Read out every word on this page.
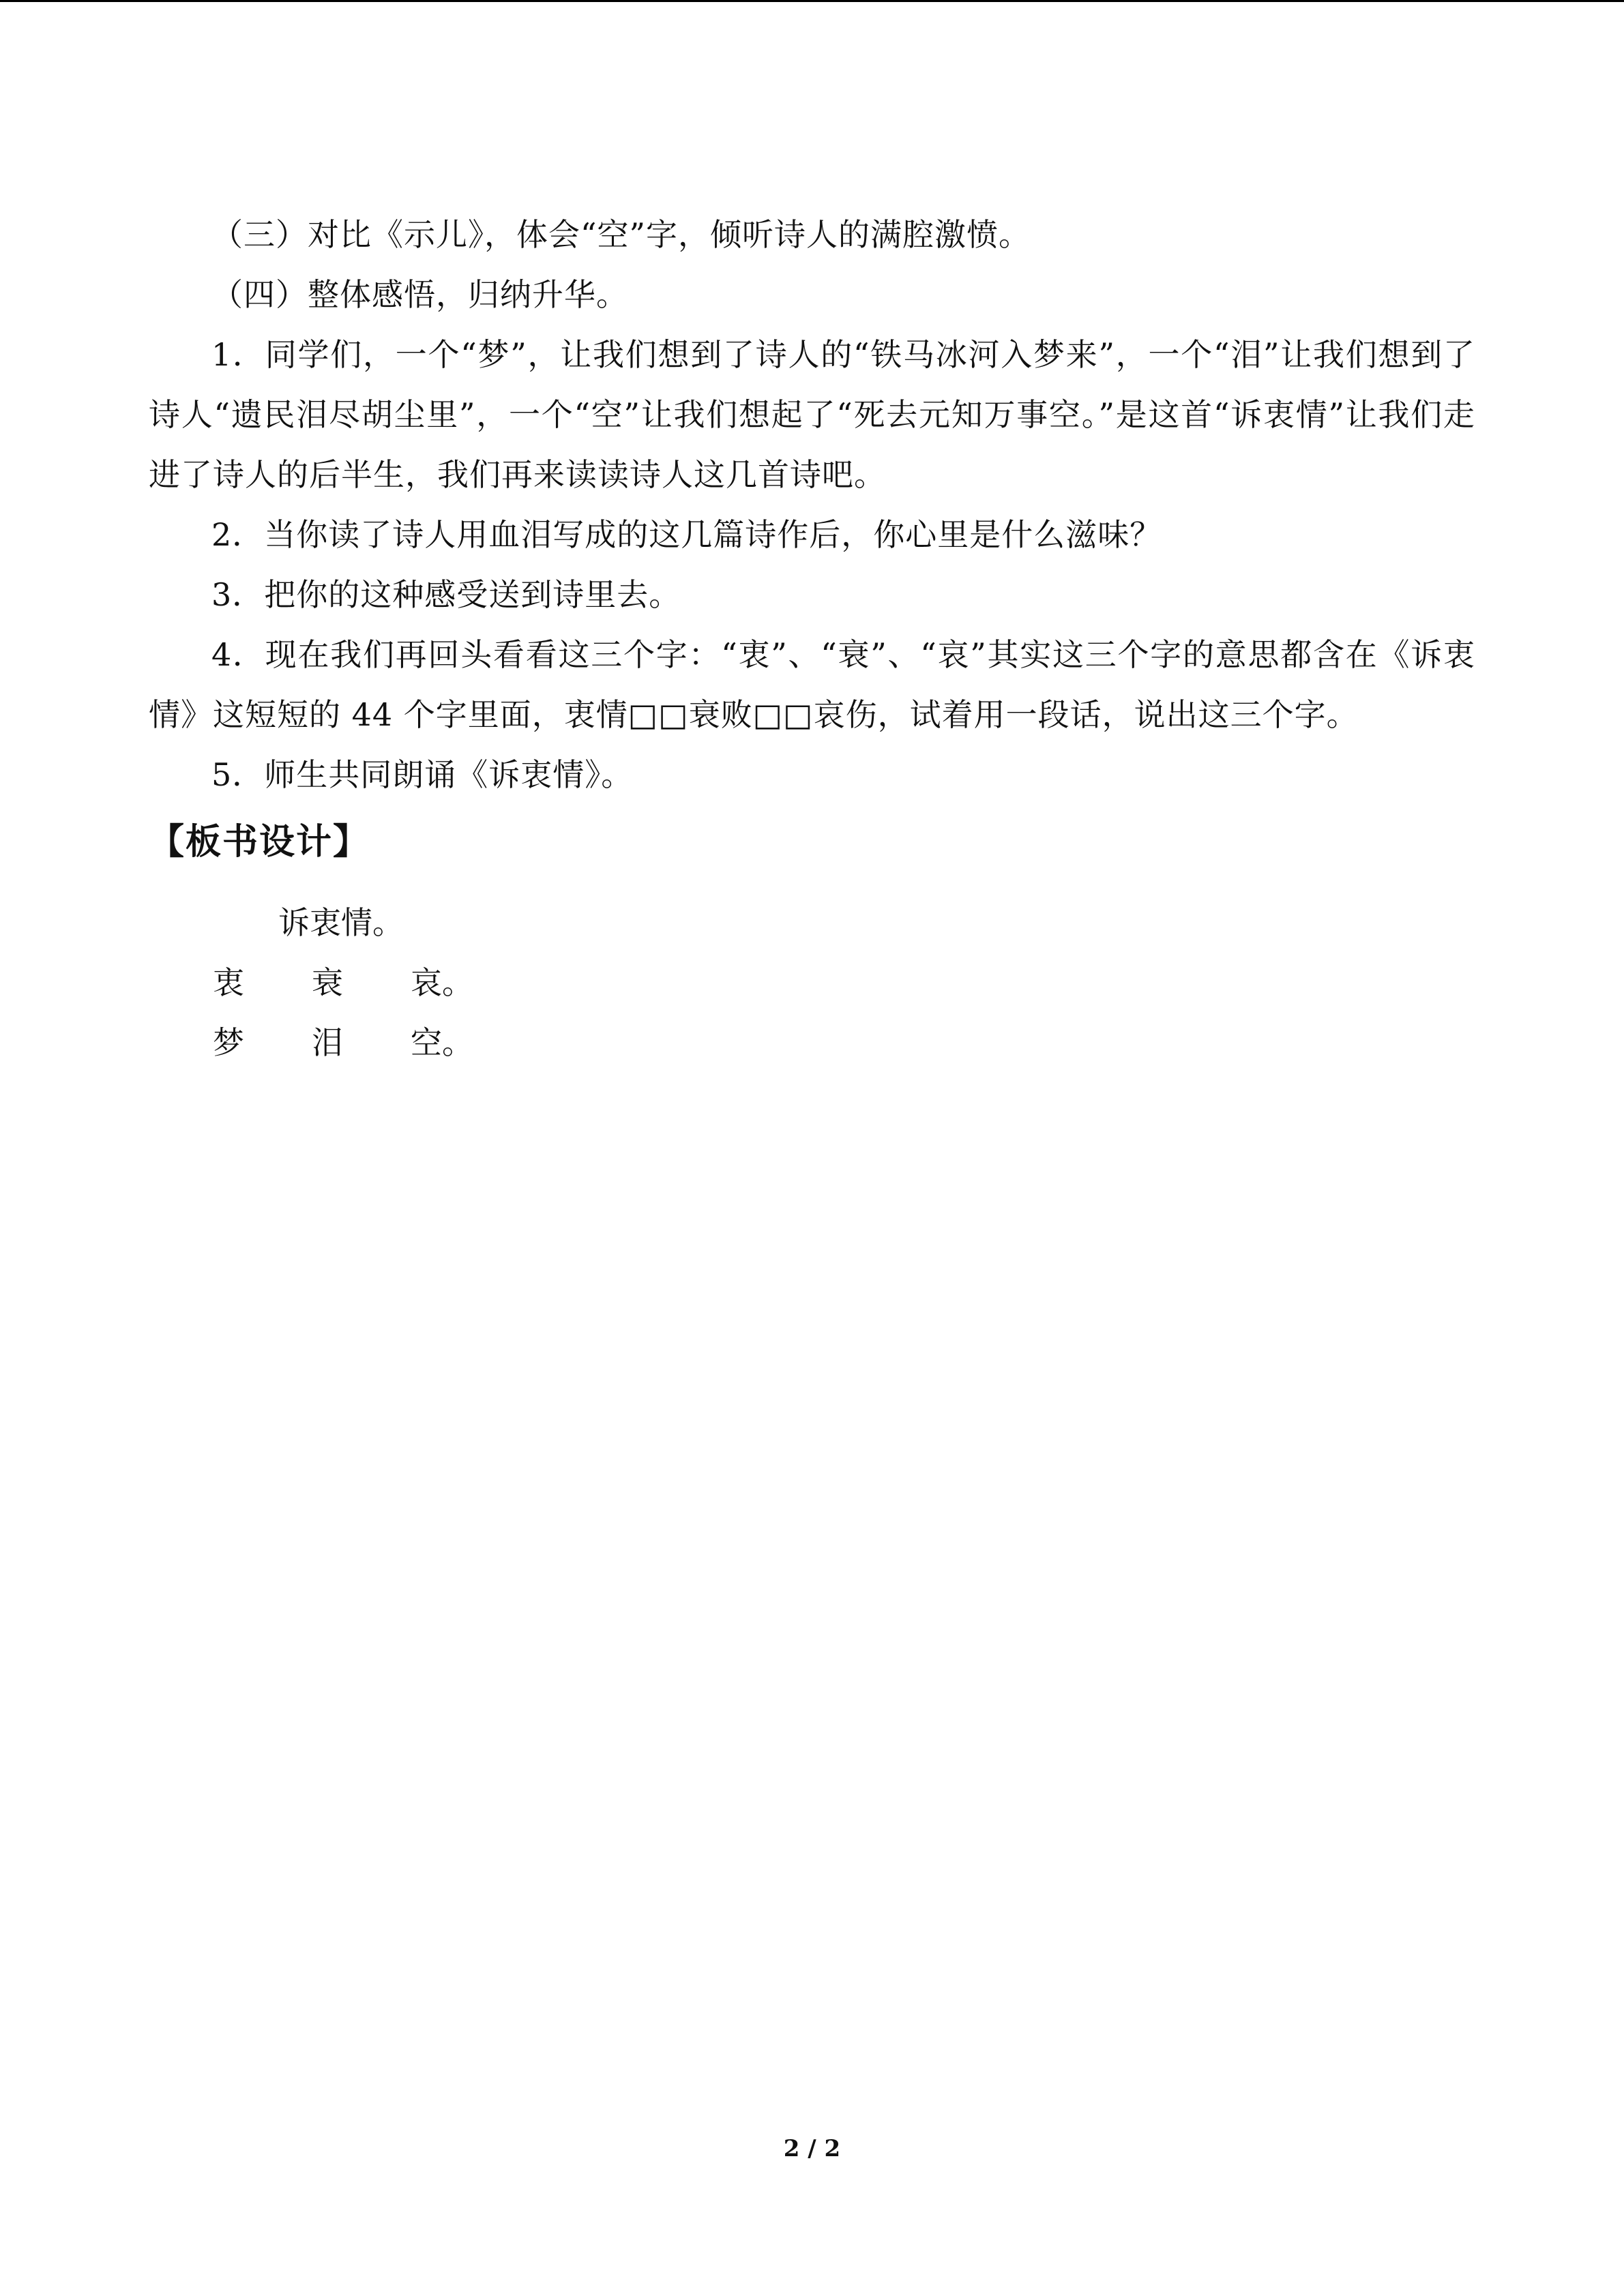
（三）对比《示儿》，体会“空”字，倾听诗人的满腔激愤。
（四）整体感悟，归纳升华。
1．同学们，一个“梦”，让我们想到了诗人的“铁马冰河入梦来”，一个“泪”让我们想到了诗人“遗民泪尽胡尘里”，一个“空”让我们想起了“死去元知万事空。”是这首“诉衷情”让我们走进了诗人的后半生，我们再来读读诗人这几首诗吧。
2．当你读了诗人用血泪写成的这几篇诗作后，你心里是什么滋味？
3．把你的这种感受送到诗里去。
4．现在我们再回头看看这三个字：“衷”、“衰”、“哀”其实这三个字的意思都含在《诉衷情》这短短的 44 个字里面，衷情□□衰败□□哀伤，试着用一段话，说出这三个字。
5．师生共同朗诵《诉衷情》。
【板书设计】
诉衷情。
衷 衰 哀。
梦 泪 空。
2 / 2
